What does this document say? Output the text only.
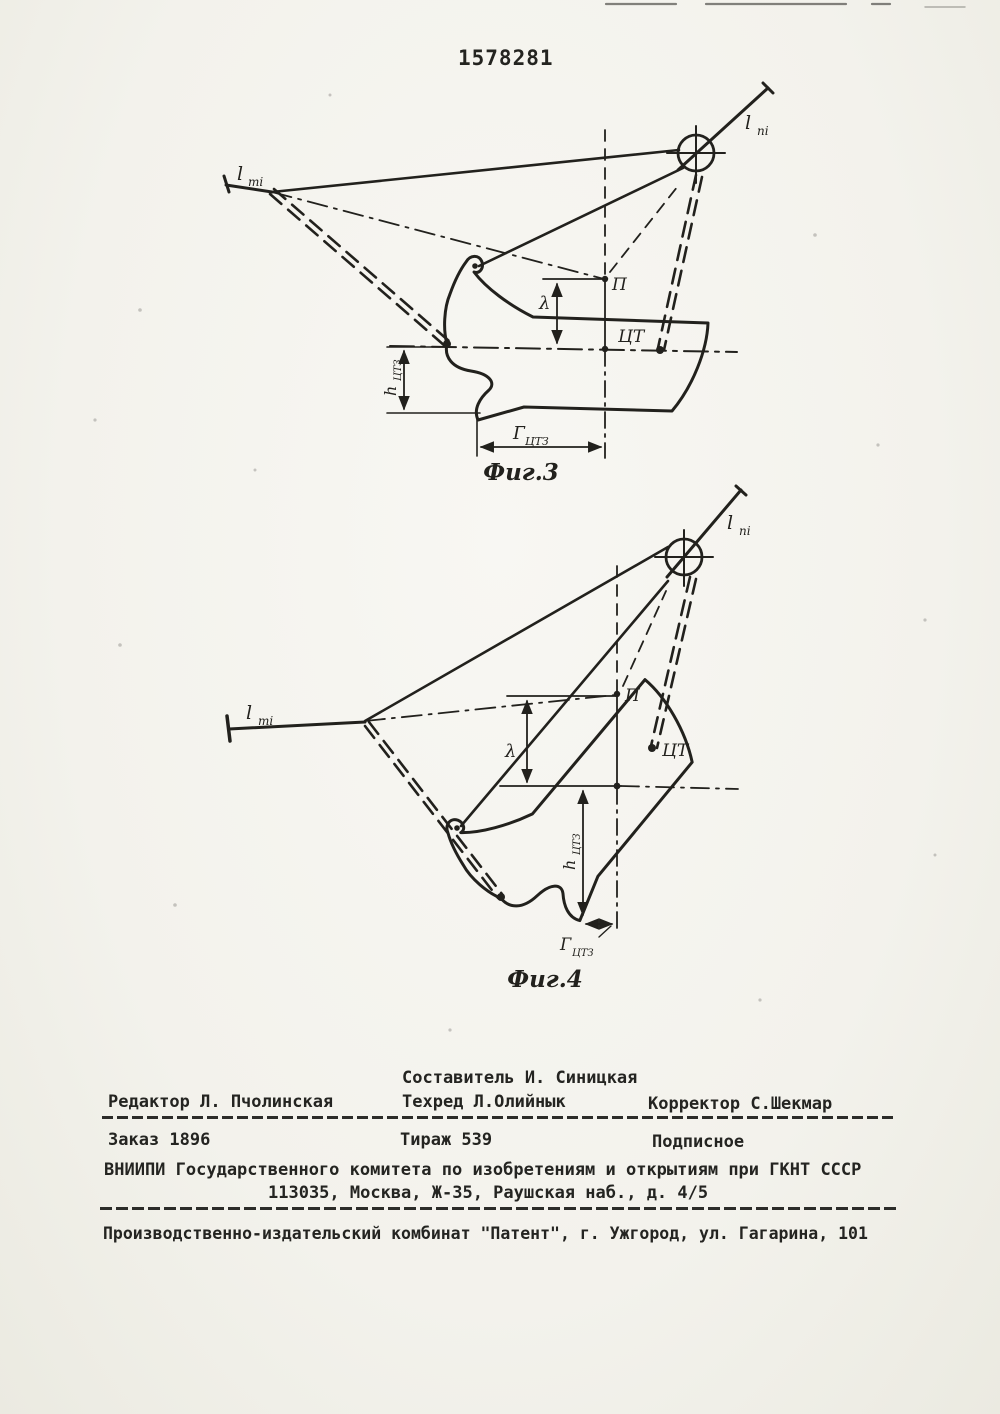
1578281
l тi
l пi
λ
П
ЦТ
h
ЦТЗ
Г ЦТЗ
Фиг.3
l тi
l пi
λ
П
ЦТ
h
ЦТЗ
Г ЦТЗ
Фиг.4
Составитель И. Синицкая
Редактор Л. Пчолинская	Техред Л.Олийнык	Корректор С.Шекмар
Заказ 1896	Тираж 539	Подписное
ВНИИПИ Государственного комитета по изобретениям и открытиям при ГКНТ СССР
113035, Москва, Ж-35, Раушская наб., д. 4/5
Производственно-издательский комбинат "Патент", г. Ужгород, ул. Гагарина, 101
